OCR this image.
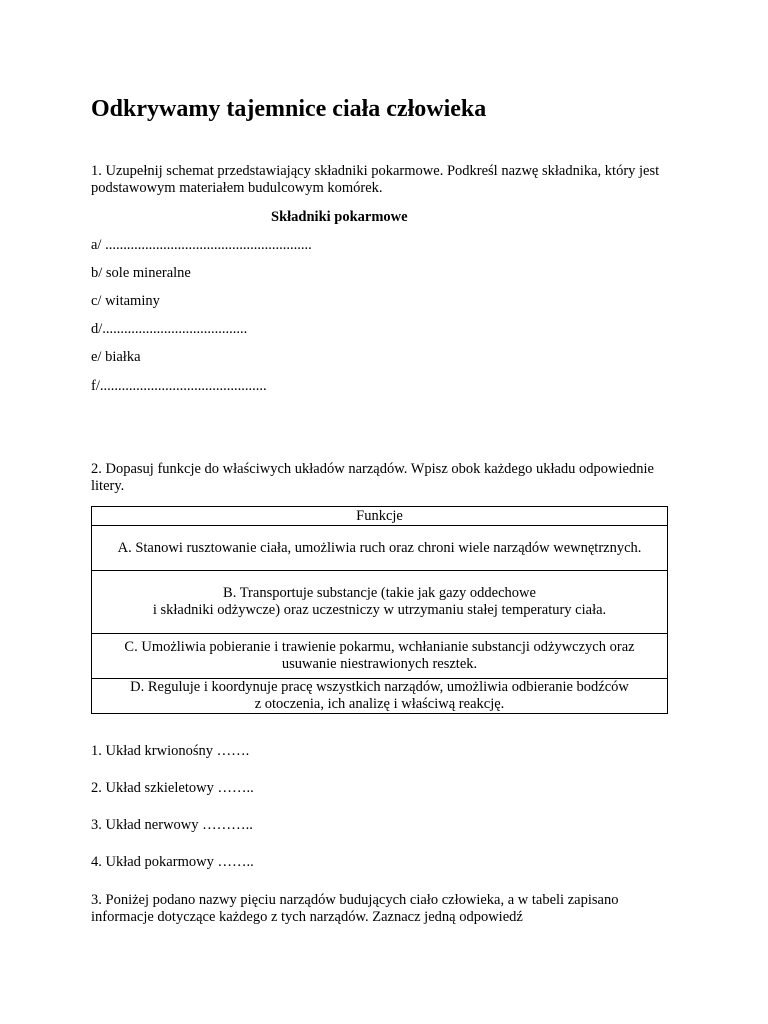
Odkrywamy tajemnice ciała człowieka

1. Uzupełnij schemat przedstawiający składniki pokarmowe. Podkreśl nazwę składnika, który jest podstawowym materiałem budulcowym komórek.

Składniki pokarmowe

a/ .........................................................

b/ sole mineralne

c/ witaminy

d/........................................

e/ białka

f/..............................................

2. Dopasuj funkcje do właściwych układów narządów. Wpisz obok każdego układu odpowiednie litery.

Funkcje
A. Stanowi rusztowanie ciała, umożliwia ruch oraz chroni wiele narządów wewnętrznych.

B. Transportuje substancje (takie jak gazy oddechowe
i składniki odżywcze) oraz uczestniczy w utrzymaniu stałej temperatury ciała.

C. Umożliwia pobieranie i trawienie pokarmu, wchłanianie substancji odżywczych oraz
usuwanie niestrawionych resztek.

D. Reguluje i koordynuje pracę wszystkich narządów, umożliwia odbieranie bodźców
z otoczenia, ich analizę i właściwą reakcję.

1. Układ krwionośny …….

2. Układ szkieletowy ……..

3. Układ nerwowy ………..

4. Układ pokarmowy ……..

3. Poniżej podano nazwy pięciu narządów budujących ciało człowieka, a w tabeli zapisano informacje dotyczące każdego z tych narządów. Zaznacz jedną odpowiedź
